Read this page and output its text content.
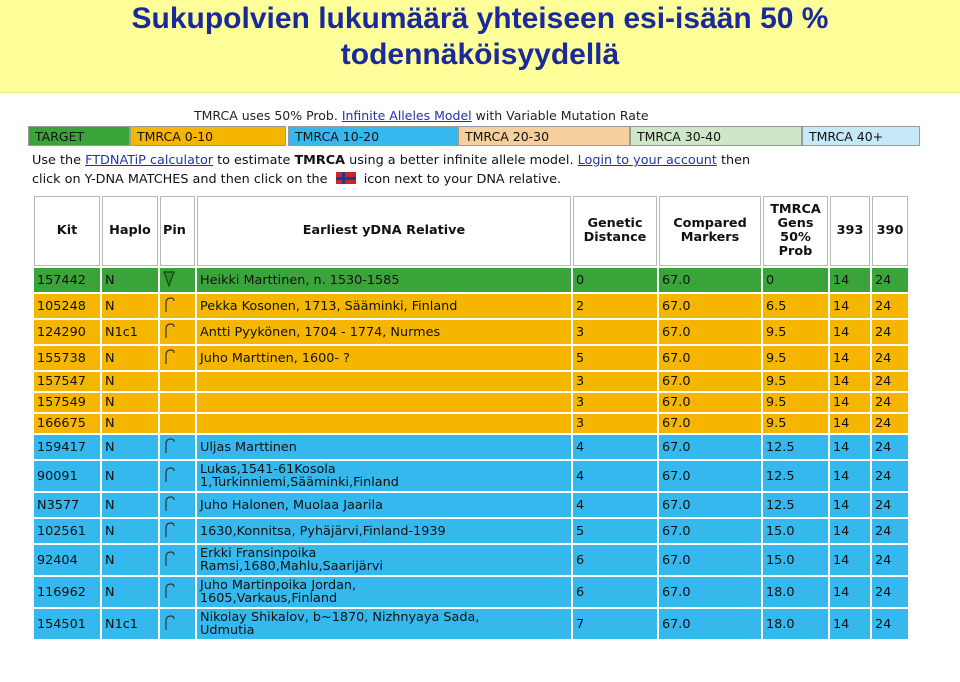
Sukupolvien lukumäärä yhteiseen esi-isään 50 %
todennäköisyydellä
TMRCA uses 50% Prob. Infinite Alleles Model with Variable Mutation Rate
TARGET	TMRCA 0-10	TMRCA 10-20	TMRCA 20-30	TMRCA 30-40	TMRCA 40+
Use the FTDNATiP calculator to estimate TMRCA using a better infinite allele model. Login to your account then
click on Y-DNA MATCHES and then click on the	icon next to your DNA relative.
Kit	Haplo	Pin	Earliest yDNA Relative	Genetic
Distance	Compared
Markers	TMRCA
Gens
50%
Prob	393	390
157442	N		Heikki Marttinen, n. 1530-1585	0	67.0	0	14	24
105248	N		Pekka Kosonen, 1713, Sääminki, Finland	2	67.0	6.5	14	24
124290	N1c1		Antti Pyykönen, 1704 - 1774, Nurmes	3	67.0	9.5	14	24
155738	N		Juho Marttinen, 1600- ?	5	67.0	9.5	14	24
157547	N			3	67.0	9.5	14	24
157549	N			3	67.0	9.5	14	24
166675	N			3	67.0	9.5	14	24
159417	N		Uljas Marttinen	4	67.0	12.5	14	24
90091	N		Lukas,1541-61Kosola
1,Turkinniemi,Sääminki,Finland	4	67.0	12.5	14	24
N3577	N		Juho Halonen, Muolaa Jaarila	4	67.0	12.5	14	24
102561	N		1630,Konnitsa, Pyhäjärvi,Finland-1939	5	67.0	15.0	14	24
92404	N		Erkki Fransinpoika
Ramsi,1680,Mahlu,Saarijärvi	6	67.0	15.0	14	24
116962	N		Juho Martinpoika Jordan,
1605,Varkaus,Finland	6	67.0	18.0	14	24
154501	N1c1		Nikolay Shikalov, b~1870, Nizhnyaya Sada,
Udmutia	7	67.0	18.0	14	24
